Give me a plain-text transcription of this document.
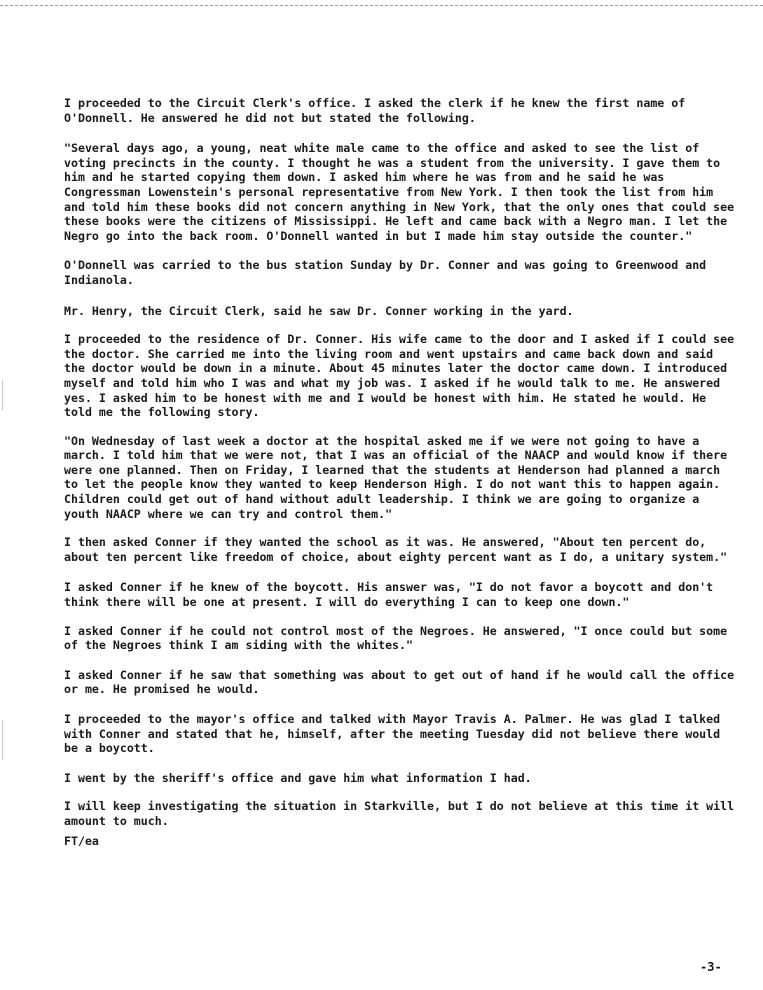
I proceeded to the Circuit Clerk's office. I asked the clerk if he knew the first name of O'Donnell. He answered he did not but stated the following.

"Several days ago, a young, neat white male came to the office and asked to see the list of voting precincts in the county. I thought he was a student from the university. I gave them to him and he started copying them down. I asked him where he was from and he said he was Congressman Lowenstein's personal representative from New York. I then took the list from him and told him these books did not concern anything in New York, that the only ones that could see these books were the citizens of Mississippi. He left and came back with a Negro man. I let the Negro go into the back room. O'Donnell wanted in but I made him stay outside the counter."

O'Donnell was carried to the bus station Sunday by Dr. Conner and was going to Greenwood and Indianola.

Mr. Henry, the Circuit Clerk, said he saw Dr. Conner working in the yard.

I proceeded to the residence of Dr. Conner. His wife came to the door and I asked if I could see the doctor. She carried me into the living room and went upstairs and came back down and said the doctor would be down in a minute. About 45 minutes later the doctor came down. I introduced myself and told him who I was and what my job was. I asked if he would talk to me. He answered yes. I asked him to be honest with me and I would be honest with him. He stated he would. He told me the following story.

"On Wednesday of last week a doctor at the hospital asked me if we were not going to have a march. I told him that we were not, that I was an official of the NAACP and would know if there were one planned. Then on Friday, I learned that the students at Henderson had planned a march to let the people know they wanted to keep Henderson High. I do not want this to happen again. Children could get out of hand without adult leadership. I think we are going to organize a youth NAACP where we can try and control them."

I then asked Conner if they wanted the school as it was. He answered, "About ten percent do, about ten percent like freedom of choice, about eighty percent want as I do, a unitary system."

I asked Conner if he knew of the boycott. His answer was, "I do not favor a boycott and don't think there will be one at present. I will do everything I can to keep one down."

I asked Conner if he could not control most of the Negroes. He answered, "I once could but some of the Negroes think I am siding with the whites."

I asked Conner if he saw that something was about to get out of hand if he would call the office or me. He promised he would.

I proceeded to the mayor's office and talked with Mayor Travis A. Palmer. He was glad I talked with Conner and stated that he, himself, after the meeting Tuesday did not believe there would be a boycott.

I went by the sheriff's office and gave him what information I had.

I will keep investigating the situation in Starkville, but I do not believe at this time it will amount to much.

FT/ea

-3-
